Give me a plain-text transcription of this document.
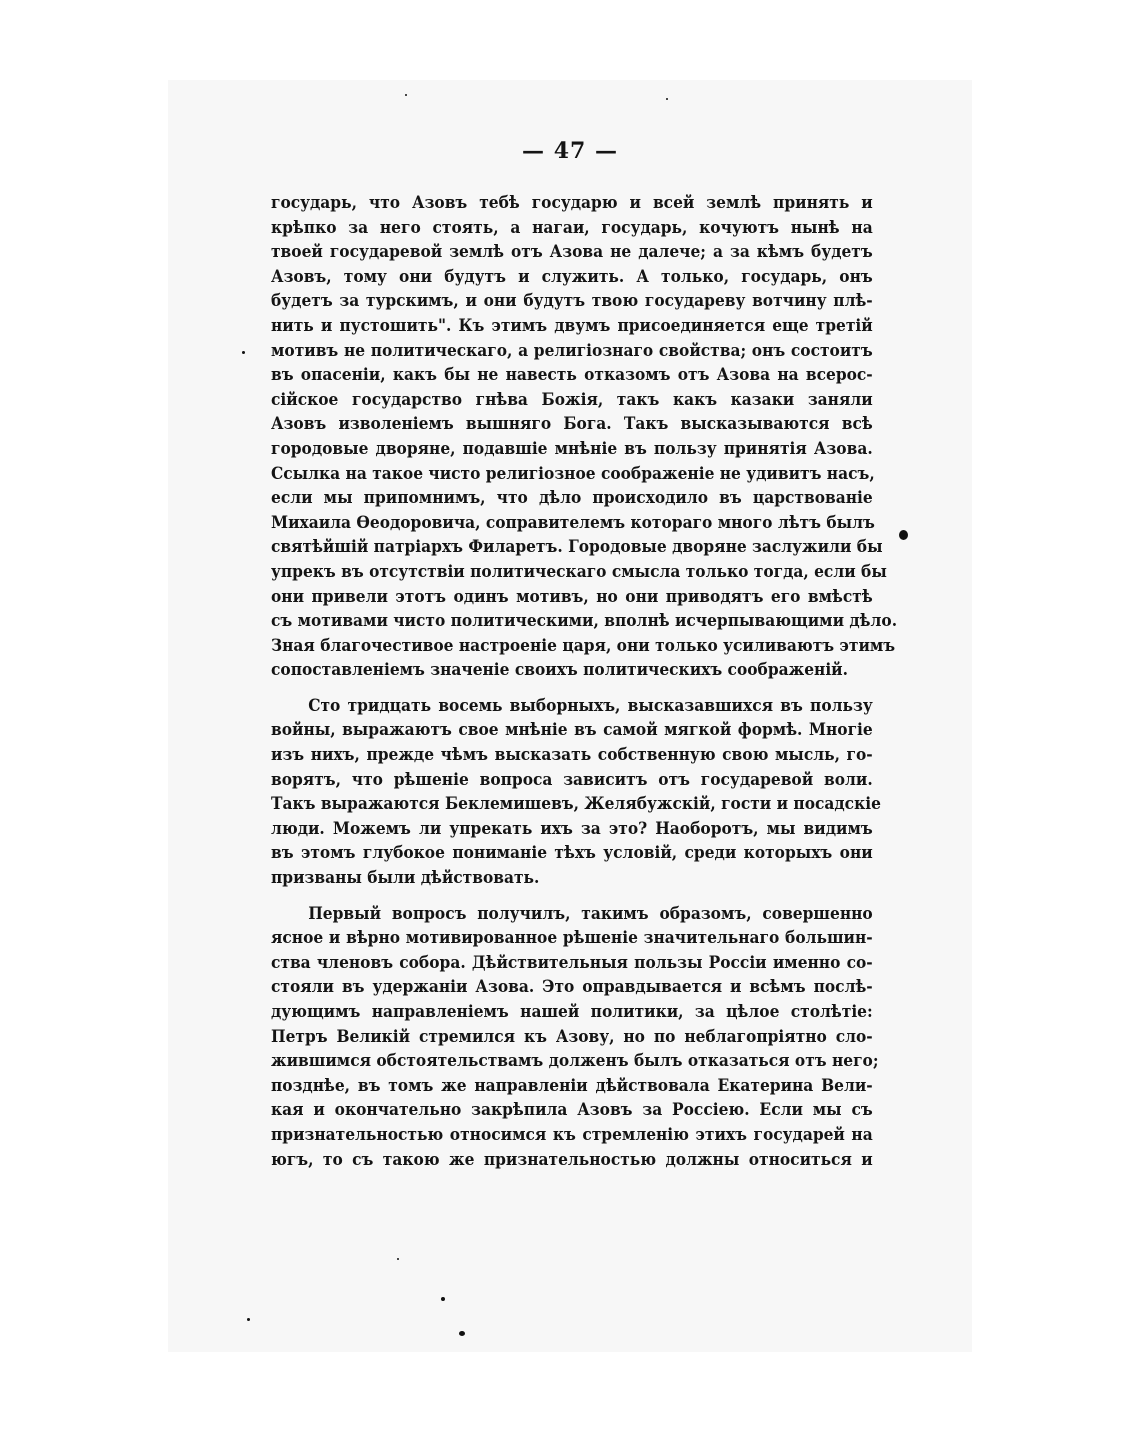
— 47 —
государь, что Азовъ тебѣ государю и всей землѣ принять и
крѣпко за него стоять, а нагаи, государь, кочуютъ нынѣ на
твоей государевой землѣ отъ Азова не далече; а за кѣмъ будетъ
Азовъ, тому они будутъ и служить. А только, государь, онъ
будетъ за турскимъ, и они будутъ твою государеву вотчину плѣ-
нить и пустошить". Къ этимъ двумъ присоединяется еще третій
мотивъ не политическаго, а религіознаго свойства; онъ состоитъ
въ опасеніи, какъ бы не навесть отказомъ отъ Азова на всерос-
сійское государство гнѣва Божія, такъ какъ казаки заняли
Азовъ изволеніемъ вышняго Бога. Такъ высказываются всѣ
городовые дворяне, подавшіе мнѣніе въ пользу принятія Азова.
Ссылка на такое чисто религіозное соображеніе не удивитъ насъ,
если мы припомнимъ, что дѣло происходило въ царствованіе
Михаила Ѳеодоровича, соправителемъ котораго много лѣтъ былъ
святѣйшій патріархъ Филаретъ. Городовые дворяне заслужили бы
упрекъ въ отсутствіи политическаго смысла только тогда, если бы
они привели этотъ одинъ мотивъ, но они приводятъ его вмѣстѣ
съ мотивами чисто политическими, вполнѣ исчерпывающими дѣло.
Зная благочестивое настроеніе царя, они только усиливаютъ этимъ
сопоставленіемъ значеніе своихъ политическихъ соображеній.
Сто тридцать восемь выборныхъ, высказавшихся въ пользу
войны, выражаютъ свое мнѣніе въ самой мягкой формѣ. Многіе
изъ нихъ, прежде чѣмъ высказать собственную свою мысль, го-
ворятъ, что рѣшеніе вопроса зависитъ отъ государевой воли.
Такъ выражаются Беклемишевъ, Желябужскій, гости и посадскіе
люди. Можемъ ли упрекать ихъ за это? Наоборотъ, мы видимъ
въ этомъ глубокое пониманіе тѣхъ условій, среди которыхъ они
призваны были дѣйствовать.
Первый вопросъ получилъ, такимъ образомъ, совершенно
ясное и вѣрно мотивированное рѣшеніе значительнаго большин-
ства членовъ собора. Дѣйствительныя пользы Россіи именно со-
стояли въ удержаніи Азова. Это оправдывается и всѣмъ послѣ-
дующимъ направленіемъ нашей политики, за цѣлое столѣтіе:
Петръ Великій стремился къ Азову, но по неблагопріятно сло-
жившимся обстоятельствамъ долженъ былъ отказаться отъ него;
позднѣе, въ томъ же направленіи дѣйствовала Екатерина Вели-
кая и окончательно закрѣпила Азовъ за Россіею. Если мы съ
признательностью относимся къ стремленію этихъ государей на
югъ, то съ такою же признательностью должны относиться и
